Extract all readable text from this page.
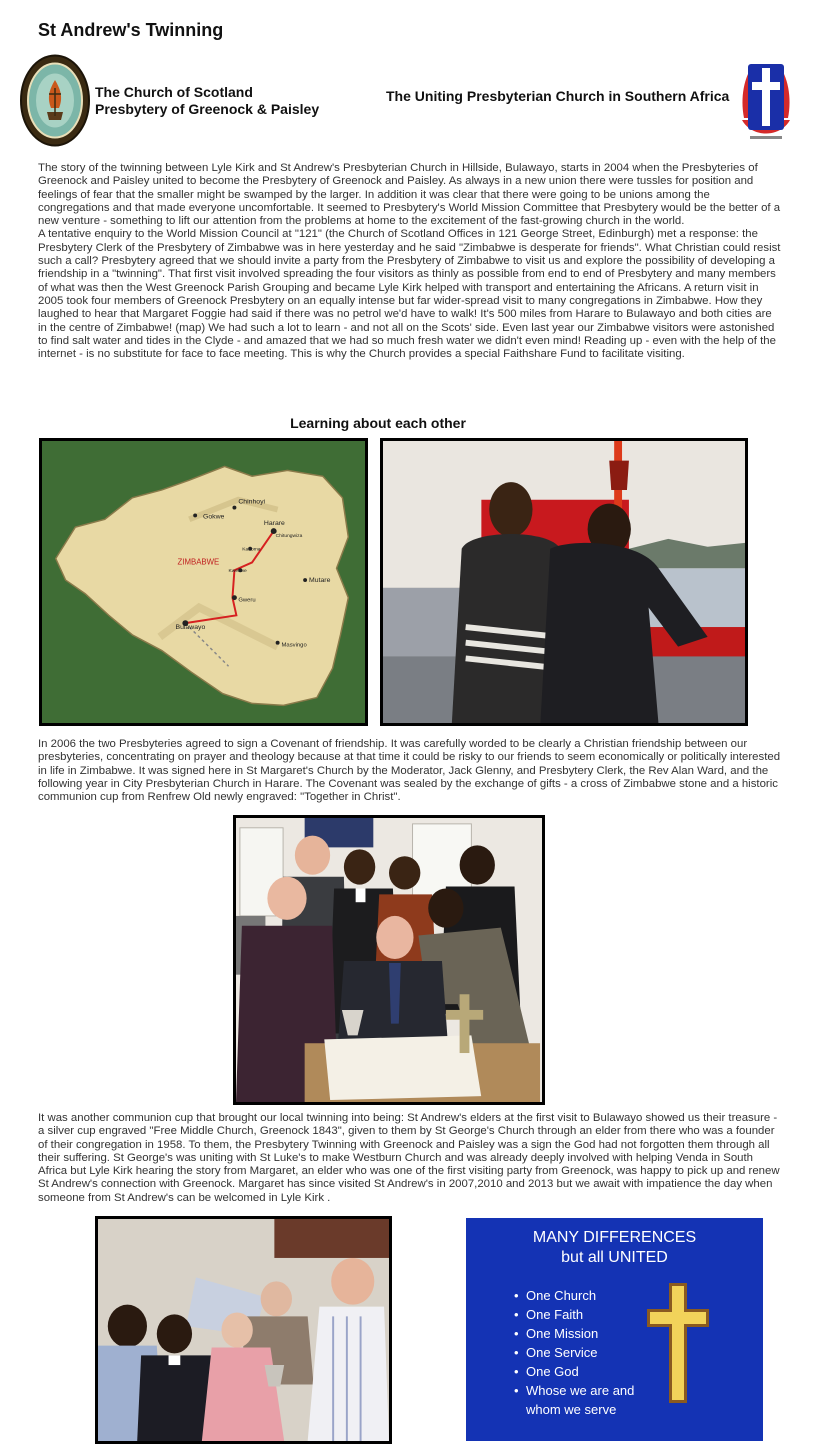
St Andrew's Twinning
The Church of Scotland
Presbytery of Greenock & Paisley
The Uniting Presbyterian Church in Southern Africa
The story of the twinning between Lyle Kirk and St Andrew's Presbyterian Church in Hillside, Bulawayo, starts in 2004 when the Presbyteries of Greenock and Paisley united to become the Presbytery of Greenock and Paisley. As always in a new union there were tussles for position and feelings of fear that the smaller might be swamped by the larger. In addition it was clear that there were going to be unions among the congregations and that made everyone uncomfortable. It seemed to Presbytery's World Mission Committee that Presbytery would be the better of a new venture - something to lift our attention from the problems at home to the excitement of the fast-growing church in the world.
A tentative enquiry to the World Mission Council at "121" (the Church of Scotland Offices in 121 George Street, Edinburgh) met a response: the Presbytery Clerk of the Presbytery of Zimbabwe was in here yesterday and he said "Zimbabwe is desperate for friends". What Christian could resist such a call? Presbytery agreed that we should invite a party from the Presbytery of Zimbabwe to visit us and explore the possibility of developing a friendship in a "twinning". That first visit involved spreading the four visitors as thinly as possible from end to end of Presbytery and many members of what was then the West Greenock Parish Grouping and became Lyle Kirk helped with transport and entertaining the Africans. A return visit in 2005 took four members of Greenock Presbytery on an equally intense but far wider-spread visit to many congregations in Zimbabwe. How they laughed to hear that Margaret Foggie had said if there was no petrol we'd have to walk! It's 500 miles from Harare to Bulawayo and both cities are in the centre of Zimbabwe! (map) We had such a lot to learn - and not all on the Scots' side. Even last year our Zimbabwe visitors were astonished to find salt water and tides in the Clyde - and amazed that we had so much fresh water we didn't even mind! Reading up - even with the help of the internet - is no substitute for face to face meeting. This is why the Church provides a special Faithshare Fund to facilitate visiting.
Learning about each other
Chinhoyi
Gokwe
Harare
Chitungwiza
Kadoma
Kwekwe
Mutare
Gweru
Bulawayo
Masvingo
ZIMBABWE
In 2006 the two Presbyteries agreed to sign a Covenant of friendship. It was carefully worded to be clearly a Christian friendship between our presbyteries, concentrating on prayer and theology because at that time it could be risky to our friends to seem economically or politically interested in life in Zimbabwe. It was signed here in St Margaret's Church by the Moderator, Jack Glenny, and Presbytery Clerk, the Rev Alan Ward, and the following year in City Presbyterian Church in Harare. The Covenant was sealed by the exchange of gifts - a cross of Zimbabwe stone and a historic communion cup from Renfrew Old newly engraved: "Together in Christ".
It was another communion cup that brought our local twinning into being: St Andrew's elders at the first visit to Bulawayo showed us their treasure - a silver cup engraved "Free Middle Church, Greenock 1843", given to them by St George's Church through an elder from there who was a founder of their congregation in 1958. To them, the Presbytery Twinning with Greenock and Paisley was a sign the God had not forgotten them through all their suffering. St George's was uniting with St Luke's to make Westburn Church and was already deeply involved with helping Venda in South Africa but Lyle Kirk hearing the story from Margaret, an elder who was one of the first visiting party from Greenock, was happy to pick up and renew St Andrew's connection with Greenock. Margaret has since visited St Andrew's in 2007,2010 and 2013 but we await with impatience the day when someone from St Andrew's can be welcomed in Lyle Kirk .
MANY DIFFERENCES
but all UNITED
• One Church
• One Faith
• One Mission
• One Service
• One God
• Whose we are and
whom we serve
